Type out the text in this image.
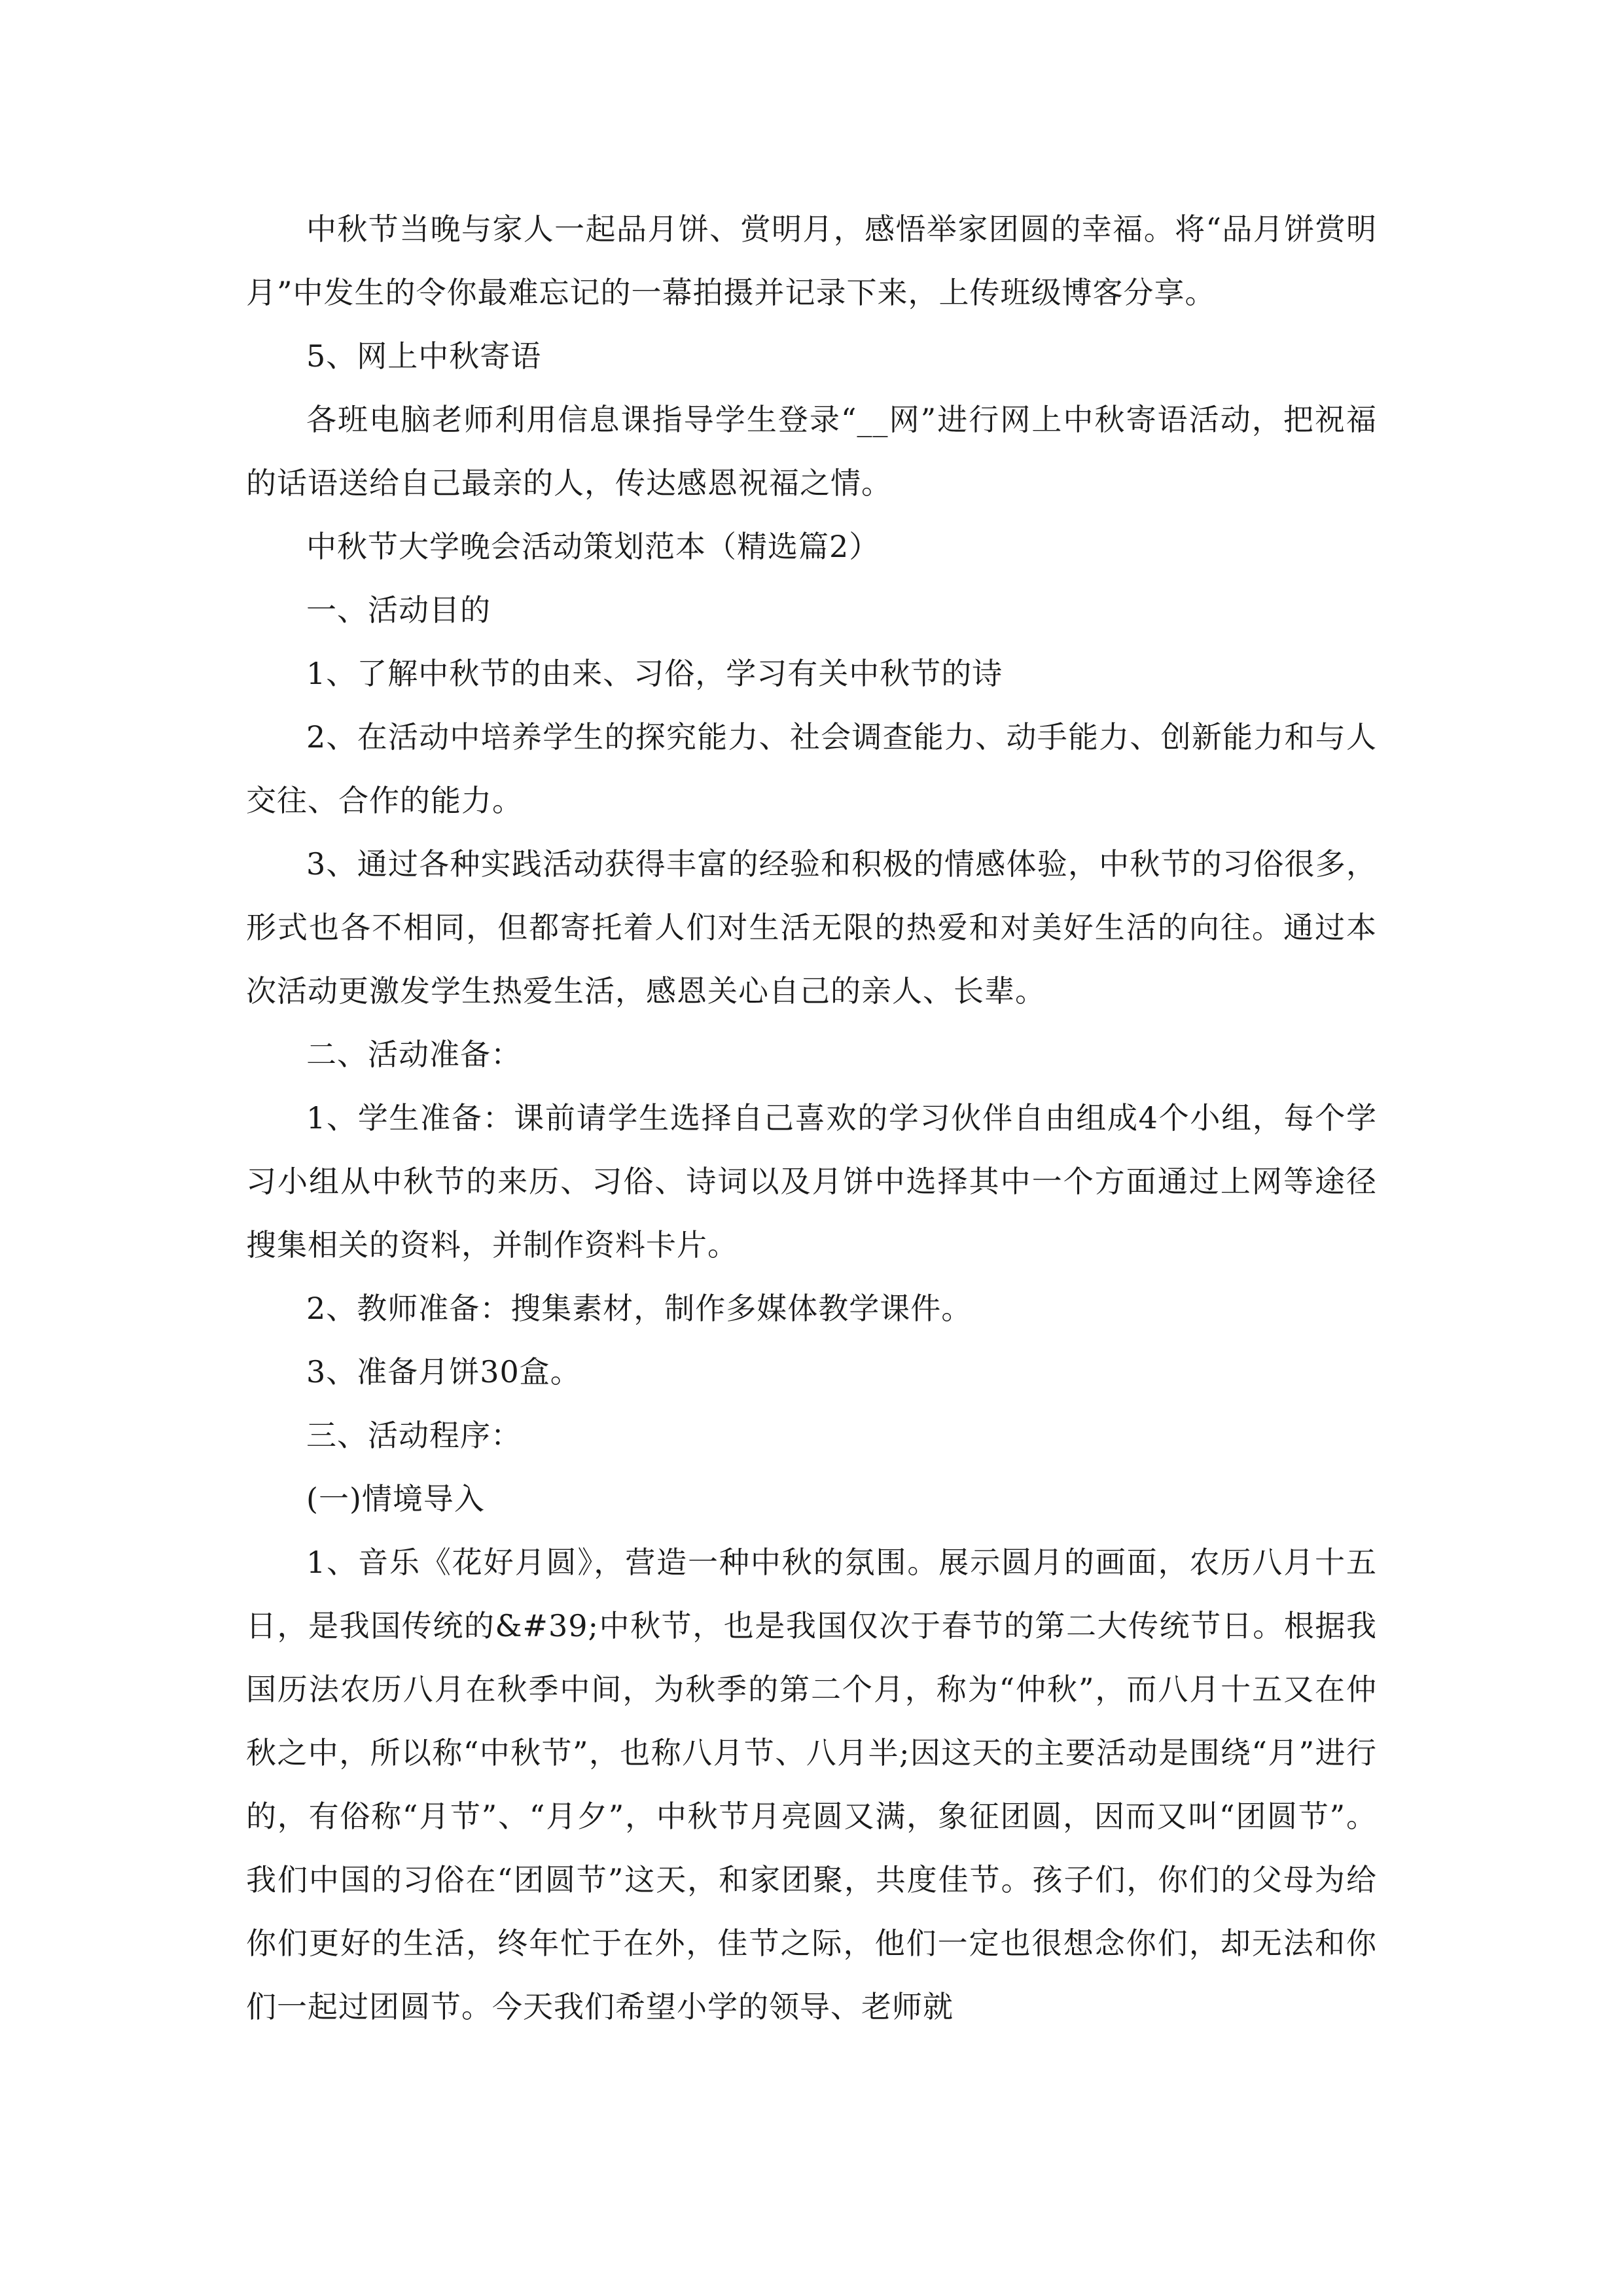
中秋节当晚与家人一起品月饼、赏明月，感悟举家团圆的幸福。将“品月饼赏明月”中发生的令你最难忘记的一幕拍摄并记录下来，上传班级博客分享。

5、网上中秋寄语

各班电脑老师利用信息课指导学生登录“__网”进行网上中秋寄语活动，把祝福的话语送给自己最亲的人，传达感恩祝福之情。

中秋节大学晚会活动策划范本（精选篇2）

一、活动目的

1、了解中秋节的由来、习俗，学习有关中秋节的诗

2、在活动中培养学生的探究能力、社会调查能力、动手能力、创新能力和与人交往、合作的能力。

3、通过各种实践活动获得丰富的经验和积极的情感体验，中秋节的习俗很多，形式也各不相同，但都寄托着人们对生活无限的热爱和对美好生活的向往。通过本次活动更激发学生热爱生活，感恩关心自己的亲人、长辈。

二、活动准备：

1、学生准备：课前请学生选择自己喜欢的学习伙伴自由组成4个小组，每个学习小组从中秋节的来历、习俗、诗词以及月饼中选择其中一个方面通过上网等途径搜集相关的资料，并制作资料卡片。

2、教师准备：搜集素材，制作多媒体教学课件。

3、准备月饼30盒。

三、活动程序：

(一)情境导入

1、音乐《花好月圆》，营造一种中秋的氛围。展示圆月的画面，农历八月十五日，是我国传统的&#39;中秋节，也是我国仅次于春节的第二大传统节日。根据我国历法农历八月在秋季中间，为秋季的第二个月，称为“仲秋”，而八月十五又在仲秋之中，所以称“中秋节”，也称八月节、八月半;因这天的主要活动是围绕“月”进行的，有俗称“月节”、“月夕”，中秋节月亮圆又满，象征团圆，因而又叫“团圆节”。我们中国的习俗在“团圆节”这天，和家团聚，共度佳节。孩子们，你们的父母为给你们更好的生活，终年忙于在外，佳节之际，他们一定也很想念你们，却无法和你们一起过团圆节。今天我们希望小学的领导、老师就
